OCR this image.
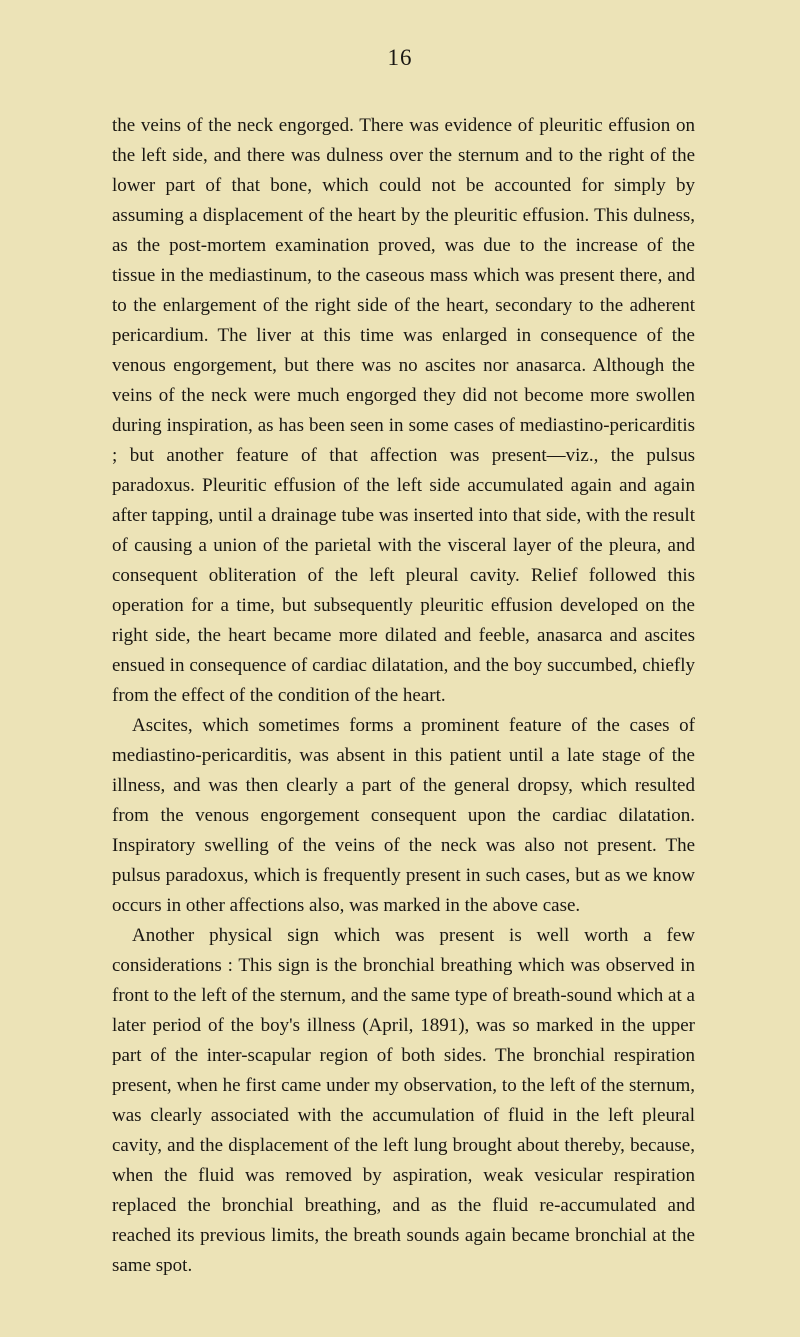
16

the veins of the neck engorged. There was evidence of pleuritic effusion on the left side, and there was dulness over the sternum and to the right of the lower part of that bone, which could not be accounted for simply by assuming a displacement of the heart by the pleuritic effusion. This dulness, as the post-mortem examination proved, was due to the increase of the tissue in the mediastinum, to the caseous mass which was present there, and to the enlargement of the right side of the heart, secondary to the adherent pericardium. The liver at this time was enlarged in consequence of the venous engorgement, but there was no ascites nor anasarca. Although the veins of the neck were much engorged they did not become more swollen during inspiration, as has been seen in some cases of mediastino-pericarditis ; but another feature of that affection was present—viz., the pulsus paradoxus. Pleuritic effusion of the left side accumulated again and again after tapping, until a drainage tube was inserted into that side, with the result of causing a union of the parietal with the visceral layer of the pleura, and consequent obliteration of the left pleural cavity. Relief followed this operation for a time, but subsequently pleuritic effusion developed on the right side, the heart became more dilated and feeble, anasarca and ascites ensued in consequence of cardiac dilatation, and the boy succumbed, chiefly from the effect of the condition of the heart.

Ascites, which sometimes forms a prominent feature of the cases of mediastino-pericarditis, was absent in this patient until a late stage of the illness, and was then clearly a part of the general dropsy, which resulted from the venous engorgement consequent upon the cardiac dilatation. Inspiratory swelling of the veins of the neck was also not present. The pulsus paradoxus, which is frequently present in such cases, but as we know occurs in other affections also, was marked in the above case.

Another physical sign which was present is well worth a few considerations : This sign is the bronchial breathing which was observed in front to the left of the sternum, and the same type of breath-sound which at a later period of the boy's illness (April, 1891), was so marked in the upper part of the inter-scapular region of both sides. The bronchial respiration present, when he first came under my observation, to the left of the sternum, was clearly associated with the accumulation of fluid in the left pleural cavity, and the displacement of the left lung brought about thereby, because, when the fluid was removed by aspiration, weak vesicular respiration replaced the bronchial breathing, and as the fluid re-accumulated and reached its previous limits, the breath sounds again became bronchial at the same spot.
